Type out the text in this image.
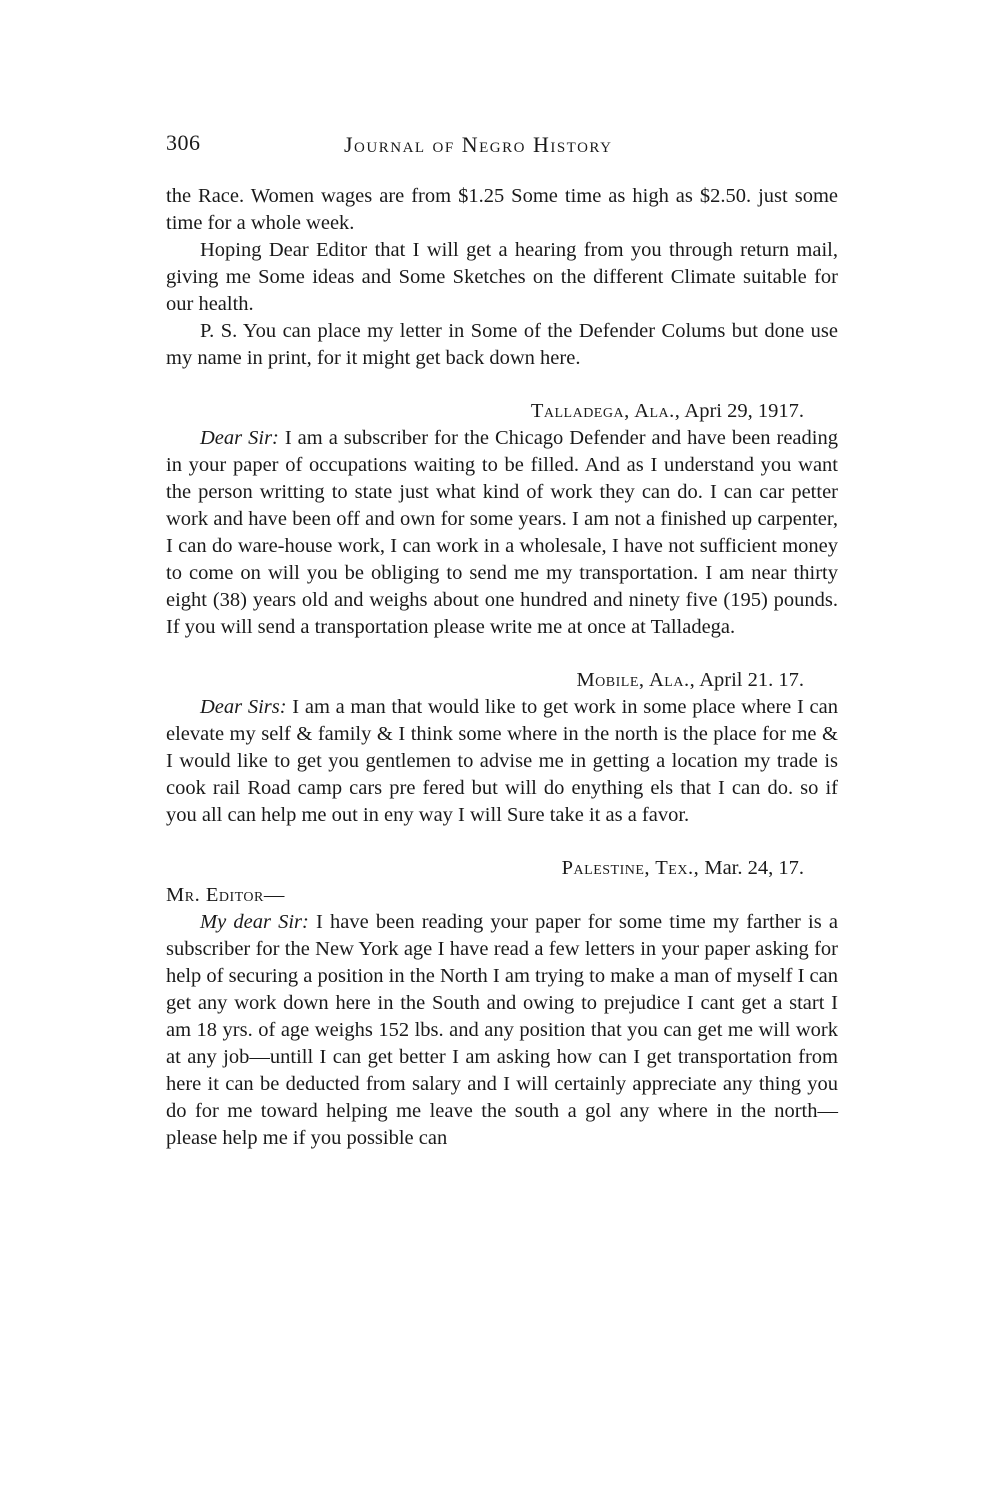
306	Journal of Negro History

the Race. Women wages are from $1.25 Some time as high as $2.50. just some time for a whole week.

Hoping Dear Editor that I will get a hearing from you through return mail, giving me Some ideas and Some Sketches on the different Climate suitable for our health.

P. S. You can place my letter in Some of the Defender Colums but done use my name in print, for it might get back down here.

Talladega, Ala., Apri 29, 1917.

Dear Sir: I am a subscriber for the Chicago Defender and have been reading in your paper of occupations waiting to be filled. And as I understand you want the person writting to state just what kind of work they can do. I can car petter work and have been off and own for some years. I am not a finished up carpenter, I can do ware-house work, I can work in a wholesale, I have not sufficient money to come on will you be obliging to send me my transportation. I am near thirty eight (38) years old and weighs about one hundred and ninety five (195) pounds. If you will send a transportation please write me at once at Talladega.

Mobile, Ala., April 21. 17.

Dear Sirs: I am a man that would like to get work in some place where I can elevate my self & family & I think some where in the north is the place for me & I would like to get you gentlemen to advise me in getting a location my trade is cook rail Road camp cars pre fered but will do enything els that I can do. so if you all can help me out in eny way I will Sure take it as a favor.

Palestine, Tex., Mar. 24, 17.

Mr. Editor—

My dear Sir: I have been reading your paper for some time my farther is a subscriber for the New York age I have read a few letters in your paper asking for help of securing a position in the North I am trying to make a man of myself I can get any work down here in the South and owing to prejudice I cant get a start I am 18 yrs. of age weighs 152 lbs. and any position that you can get me will work at any job—untill I can get better I am asking how can I get transportation from here it can be deducted from salary and I will certainly appreciate any thing you do for me toward helping me leave the south a gol any where in the north— please help me if you possible can
